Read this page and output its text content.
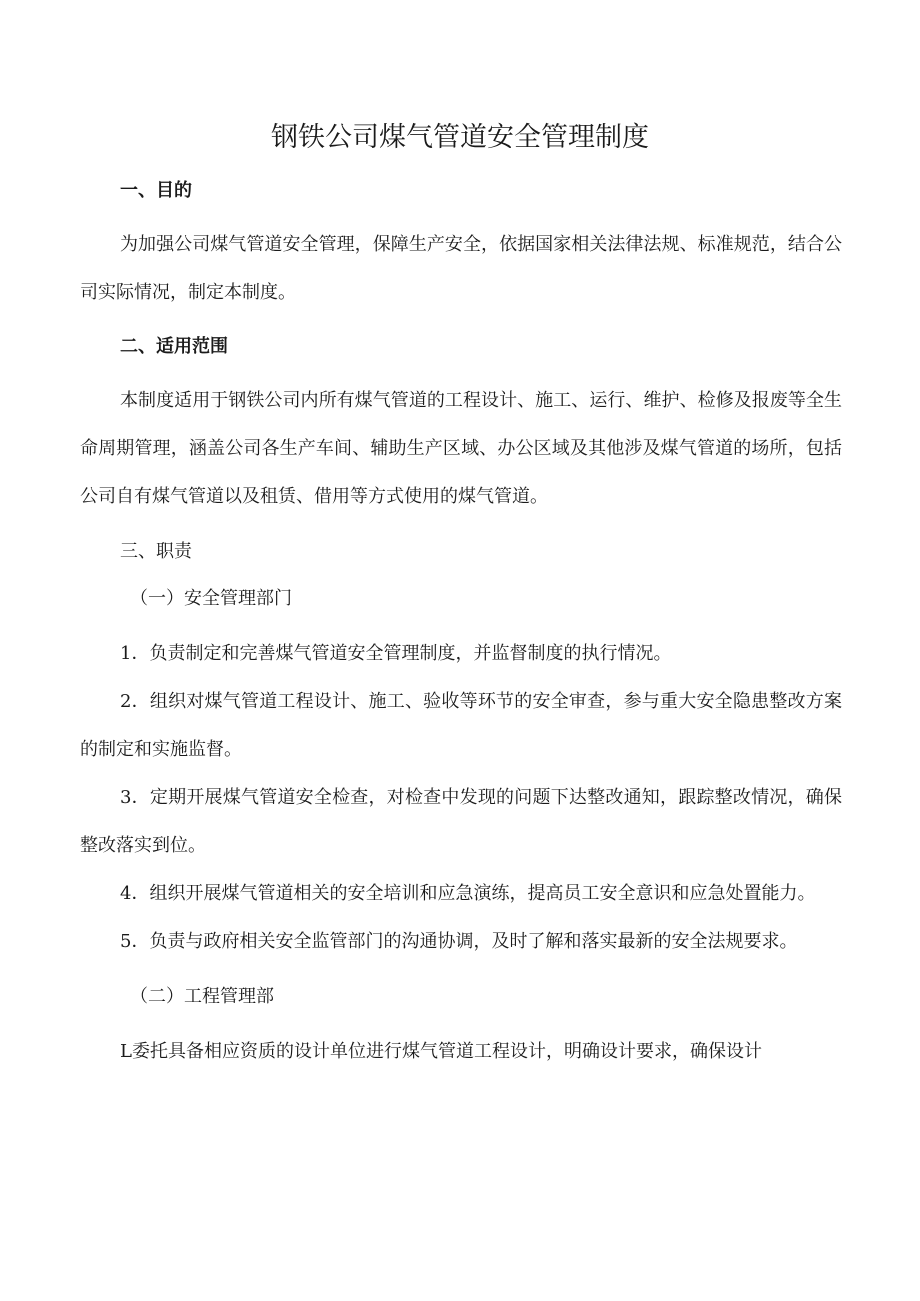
钢铁公司煤气管道安全管理制度

一、目的

为加强公司煤气管道安全管理，保障生产安全，依据国家相关法律法规、标准规范，结合公司实际情况，制定本制度。

二、适用范围

本制度适用于钢铁公司内所有煤气管道的工程设计、施工、运行、维护、检修及报废等全生命周期管理，涵盖公司各生产车间、辅助生产区域、办公区域及其他涉及煤气管道的场所，包括公司自有煤气管道以及租赁、借用等方式使用的煤气管道。

三、职责

（一）安全管理部门

1．负责制定和完善煤气管道安全管理制度，并监督制度的执行情况。

2．组织对煤气管道工程设计、施工、验收等环节的安全审查，参与重大安全隐患整改方案的制定和实施监督。

3．定期开展煤气管道安全检查，对检查中发现的问题下达整改通知，跟踪整改情况，确保整改落实到位。

4．组织开展煤气管道相关的安全培训和应急演练，提高员工安全意识和应急处置能力。

5．负责与政府相关安全监管部门的沟通协调，及时了解和落实最新的安全法规要求。

（二）工程管理部

L委托具备相应资质的设计单位进行煤气管道工程设计，明确设计要求，确保设计
